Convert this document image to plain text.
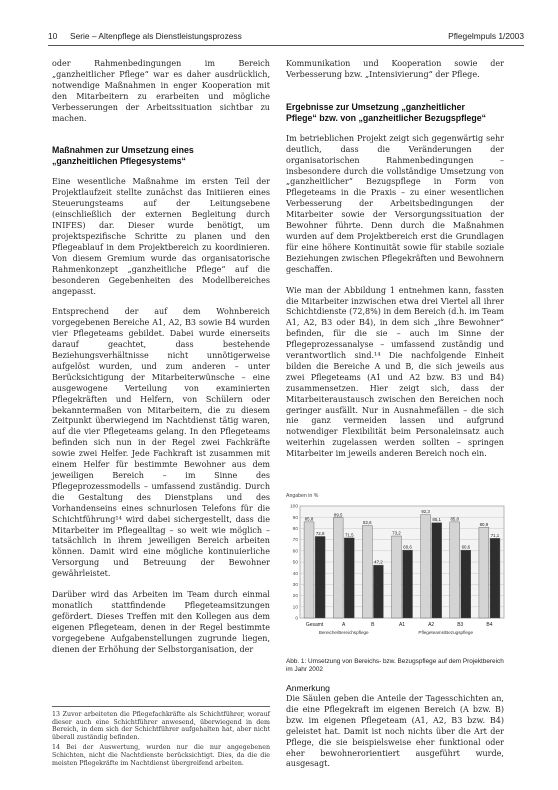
10 Serie – Altenpflege als Dienstleistungsprozess	Pflegelmpuls 1/2003

oder Rahmenbedingungen im Bereich „ganzheitlicher Pflege“ war es daher ausdrücklich, notwendige Maßnahmen in enger Kooperation mit den Mitarbeitern zu erarbeiten und mögliche Verbesserungen der Arbeitssituation sichtbar zu machen.

Maßnahmen zur Umsetzung eines
„ganzheitlichen Pflegesystems“

Eine wesentliche Maßnahme im ersten Teil der Projektlaufzeit stellte zunächst das Initiieren eines Steuerungsteams auf der Leitungsebene (einschließlich der externen Begleitung durch INIFES) dar. Dieser wurde benötigt, um projektspezifische Schritte zu planen und den Pflegeablauf in dem Projektbereich zu koordinieren. Von diesem Gremium wurde das organisatorische Rahmenkonzept „ganzheitliche Pflege“ auf die besonderen Gegebenheiten des Modellbereiches angepasst.

Entsprechend der auf dem Wohnbereich vorgegebenen Bereiche A1, A2, B3 sowie B4 wurden vier Pflegeteams gebildet. Dabei wurde einerseits darauf geachtet, dass bestehende Beziehungsverhältnisse nicht unnötigerweise aufgelöst wurden, und zum anderen – unter Berücksichtigung der Mitarbeiterwünsche – eine ausgewogene Verteilung von examinierten Pflegekräften und Helfern, von Schülern oder bekanntermaßen von Mitarbeitern, die zu diesem Zeitpunkt überwiegend im Nachtdienst tätig waren, auf die vier Pflegeteams gelang. In den Pflegeteams befinden sich nun in der Regel zwei Fachkräfte sowie zwei Helfer. Jede Fachkraft ist zusammen mit einem Helfer für bestimmte Bewohner aus dem jeweiligen Bereich – im Sinne des Pflegeprozessmodells – umfassend zuständig. Durch die Gestaltung des Dienstplans und des Vorhandenseins eines schnurlosen Telefons für die Schichtführung¹⁴ wird dabei sichergestellt, dass die Mitarbeiter im Pflegealltag – so weit wie möglich – tatsächlich in ihrem jeweiligen Bereich arbeiten können. Damit wird eine mögliche kontinuierliche Versorgung und Betreuung der Bewohner gewährleistet.

Darüber wird das Arbeiten im Team durch einmal monatlich stattfindende Pflegeteamsitzungen gefördert. Dieses Treffen mit den Kollegen aus dem eigenen Pflegeteam, denen in der Regel bestimmte vorgegebene Aufgabenstellungen zugrunde liegen, dienen der Erhöhung der Selbstorganisation, der

13 Zuvor arbeiteten die Pflegefachkräfte als Schichtführer, worauf dieser auch eine Schichtführer anwesend, überwiegend in dem Bereich, in dem sich der Schichtführer aufgehalten hat, aber nicht überall zuständig befinden.

14 Bei der Auswertung, wurden nur die nur angegebenen Schichten, nicht die Nachtdienste berücksichtigt. Dies, da die die meisten Pflegekräfte im Nachtdienst übergreifend arbeiten.

Kommunikation und Kooperation sowie der Verbesserung bzw. „Intensivierung“ der Pflege.

Ergebnisse zur Umsetzung „ganzheitlicher
Pflege“ bzw. von „ganzheitlicher Bezugspflege“

Im betrieblichen Projekt zeigt sich gegenwärtig sehr deutlich, dass die Veränderungen der organisatorischen Rahmenbedingungen – insbesondere durch die vollständige Umsetzung von „ganzheitlicher“ Bezugspflege in Form von Pflegeteams in die Praxis – zu einer wesentlichen Verbesserung der Arbeitsbedingungen der Mitarbeiter sowie der Versorgungssituation der Bewohner führte. Denn durch die Maßnahmen wurden auf dem Projektbereich erst die Grundlagen für eine höhere Kontinuität sowie für stabile soziale Beziehungen zwischen Pflegekräften und Bewohnern geschaffen.

Wie man der Abbildung 1 entnehmen kann, fassten die Mitarbeiter inzwischen etwa drei Viertel all ihrer Schichtdienste (72,8%) in dem Bereich (d.h. im Team A1, A2, B3 oder B4), in dem sich „ihre Bewohner“ befinden, für die sie – auch im Sinne der Pflegeprozessanalyse – umfassend zuständig und verantwortlich sind.¹⁴ Die nachfolgende Einheit bilden die Bereiche A und B, die sich jeweils aus zwei Pflegeteams (A1 und A2 bzw. B3 und B4) zusammensetzen. Hier zeigt sich, dass der Mitarbeiteraustausch zwischen den Bereichen noch geringer ausfällt. Nur in Ausnahmefällen – die sich nie ganz vermeiden lassen und aufgrund notwendiger Flexibilität beim Personaleinsatz auch weiterhin zugelassen werden sollten – springen Mitarbeiter im jeweils anderen Bereich noch ein.

Angaben in %

0
10
20
30
40
50
60
70
80
90
100
85,8
72,8
Gesamt
89,5
71,5
A
82,6
47,2
B
73,2
60,6
A1
92,3
85,1
A2
85,8
60,6
B3
80,9
71,1
B4
Bereiche/Bereichspflege	Pflegeteams/Bezugspflege

Abb. 1: Umsetzung von Bereichs- bzw. Bezugspflege auf dem Projektbereich im Jahr 2002

Anmerkung

Die Säulen geben die Anteile der Tagesschichten an, die eine Pflegekraft im eigenen Bereich (A bzw. B) bzw. im eigenen Pflegeteam (A1, A2, B3 bzw. B4) geleistet hat. Damit ist noch nichts über die Art der Pflege, die sie beispielsweise eher funktional oder eher bewohnerorientiert ausgeführt wurde, ausgesagt.
